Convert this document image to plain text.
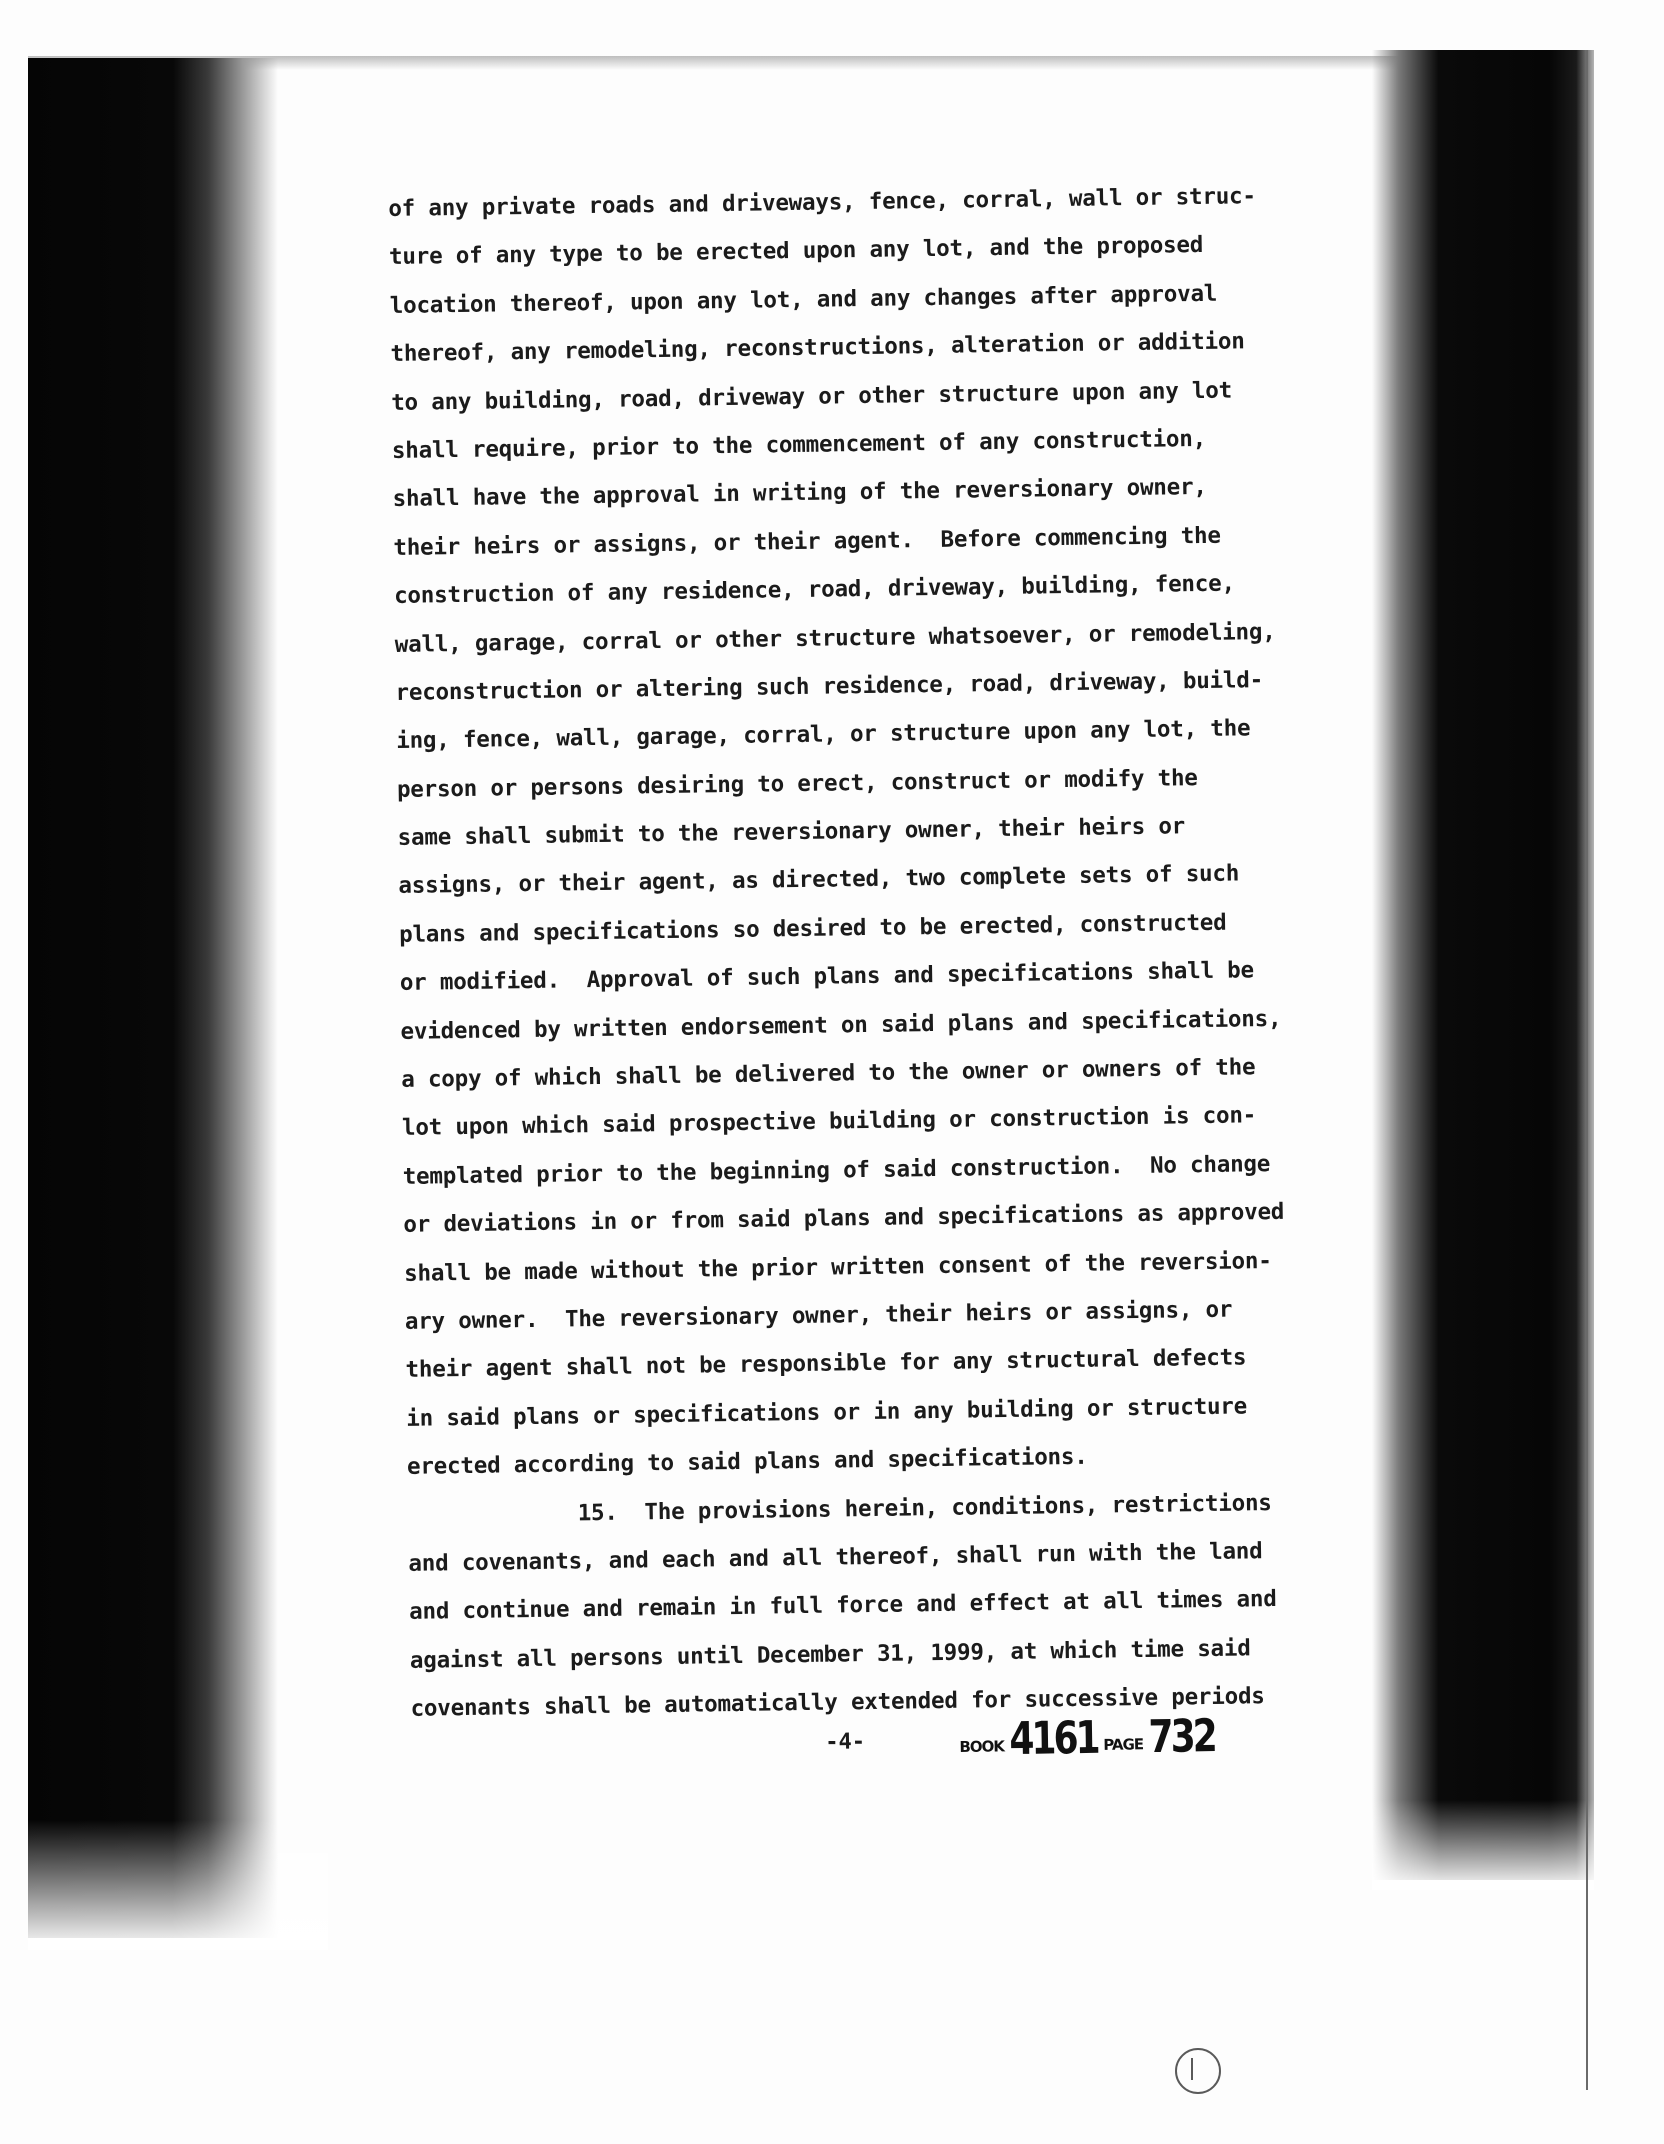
of any private roads and driveways, fence, corral, wall or struc-
ture of any type to be erected upon any lot, and the proposed
location thereof, upon any lot, and any changes after approval
thereof, any remodeling, reconstructions, alteration or addition
to any building, road, driveway or other structure upon any lot
shall require, prior to the commencement of any construction,
shall have the approval in writing of the reversionary owner,
their heirs or assigns, or their agent.  Before commencing the
construction of any residence, road, driveway, building, fence,
wall, garage, corral or other structure whatsoever, or remodeling,
reconstruction or altering such residence, road, driveway, build-
ing, fence, wall, garage, corral, or structure upon any lot, the
person or persons desiring to erect, construct or modify the
same shall submit to the reversionary owner, their heirs or
assigns, or their agent, as directed, two complete sets of such
plans and specifications so desired to be erected, constructed
or modified.  Approval of such plans and specifications shall be
evidenced by written endorsement on said plans and specifications,
a copy of which shall be delivered to the owner or owners of the
lot upon which said prospective building or construction is con-
templated prior to the beginning of said construction.  No change
or deviations in or from said plans and specifications as approved
shall be made without the prior written consent of the reversion-
ary owner.  The reversionary owner, their heirs or assigns, or
their agent shall not be responsible for any structural defects
in said plans or specifications or in any building or structure
erected according to said plans and specifications.
15.  The provisions herein, conditions, restrictions
and covenants, and each and all thereof, shall run with the land
and continue and remain in full force and effect at all times and
against all persons until December 31, 1999, at which time said
covenants shall be automatically extended for successive periods
-4-	BOOK 4161 PAGE 732
